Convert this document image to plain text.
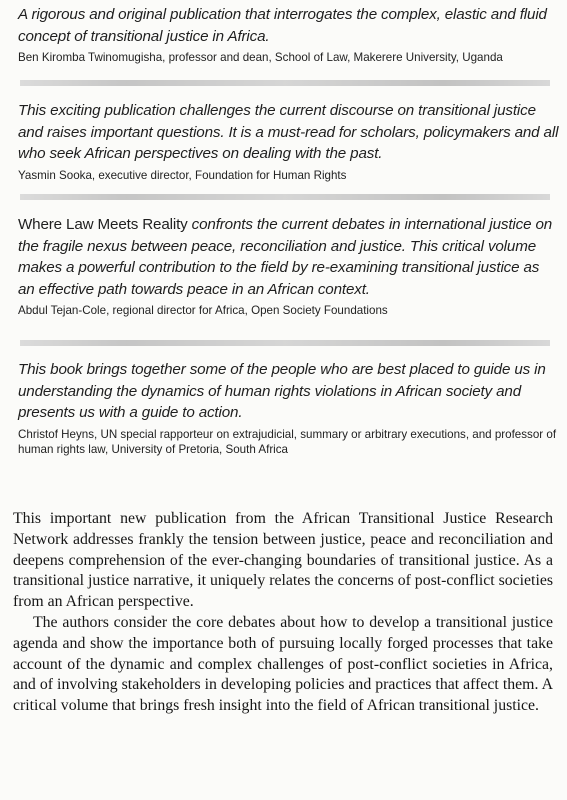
A rigorous and original publication that interrogates the complex, elastic and fluid concept of transitional justice in Africa.

Ben Kiromba Twinomugisha, professor and dean, School of Law, Makerere University, Uganda

This exciting publication challenges the current discourse on transitional justice and raises important questions. It is a must-read for scholars, policymakers and all who seek African perspectives on dealing with the past.

Yasmin Sooka, executive director, Foundation for Human Rights

Where Law Meets Reality confronts the current debates in international justice on the fragile nexus between peace, reconciliation and justice. This critical volume makes a powerful contribution to the field by re-examining transitional justice as an effective path towards peace in an African context.

Abdul Tejan-Cole, regional director for Africa, Open Society Foundations

This book brings together some of the people who are best placed to guide us in understanding the dynamics of human rights violations in African society and presents us with a guide to action.

Christof Heyns, UN special rapporteur on extrajudicial, summary or arbitrary executions, and professor of human rights law, University of Pretoria, South Africa

This important new publication from the African Transitional Justice Research Network addresses frankly the tension between justice, peace and reconciliation and deepens comprehension of the ever-changing boundaries of transitional justice. As a transitional justice narrative, it uniquely relates the concerns of post-conflict societies from an African perspective.

The authors consider the core debates about how to develop a transitional justice agenda and show the importance both of pursuing locally forged processes that take account of the dynamic and complex challenges of post-conflict societies in Africa, and of involving stakeholders in developing policies and practices that affect them. A critical volume that brings fresh insight into the field of African transitional justice.
